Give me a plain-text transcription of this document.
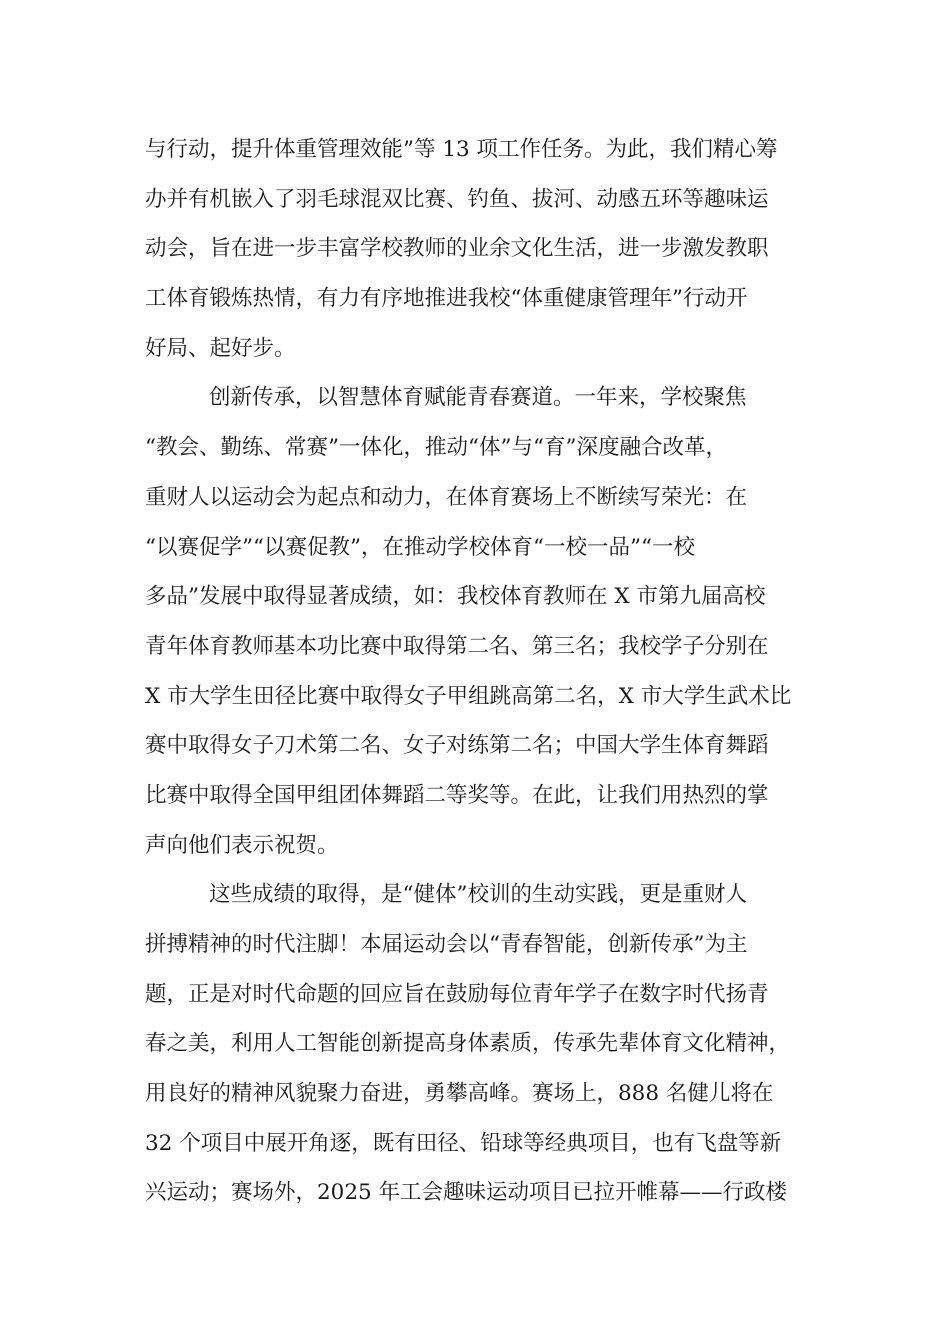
与行动，提升体重管理效能”等 13 项工作任务。为此，我们精心筹
办并有机嵌入了羽毛球混双比赛、钓鱼、拔河、动感五环等趣味运
动会，旨在进一步丰富学校教师的业余文化生活，进一步激发教职
工体育锻炼热情，有力有序地推进我校“体重健康管理年”行动开
好局、起好步。
创新传承，以智慧体育赋能青春赛道。一年来，学校聚焦
“教会、勤练、常赛”一体化，推动“体”与“育”深度融合改革，
重财人以运动会为起点和动力，在体育赛场上不断续写荣光：在
“以赛促学”“以赛促教”，在推动学校体育“一校一品”“一校
多品”发展中取得显著成绩，如：我校体育教师在 X 市第九届高校
青年体育教师基本功比赛中取得第二名、第三名；我校学子分别在
X 市大学生田径比赛中取得女子甲组跳高第二名，X 市大学生武术比
赛中取得女子刀术第二名、女子对练第二名；中国大学生体育舞蹈
比赛中取得全国甲组团体舞蹈二等奖等。在此，让我们用热烈的掌
声向他们表示祝贺。
这些成绩的取得，是“健体”校训的生动实践，更是重财人
拼搏精神的时代注脚！本届运动会以“青春智能，创新传承”为主
题，正是对时代命题的回应旨在鼓励每位青年学子在数字时代扬青
春之美，利用人工智能创新提高身体素质，传承先辈体育文化精神，
用良好的精神风貌聚力奋进，勇攀高峰。赛场上，888 名健儿将在
32 个项目中展开角逐，既有田径、铅球等经典项目，也有飞盘等新
兴运动；赛场外，2025 年工会趣味运动项目已拉开帷幕——行政楼
